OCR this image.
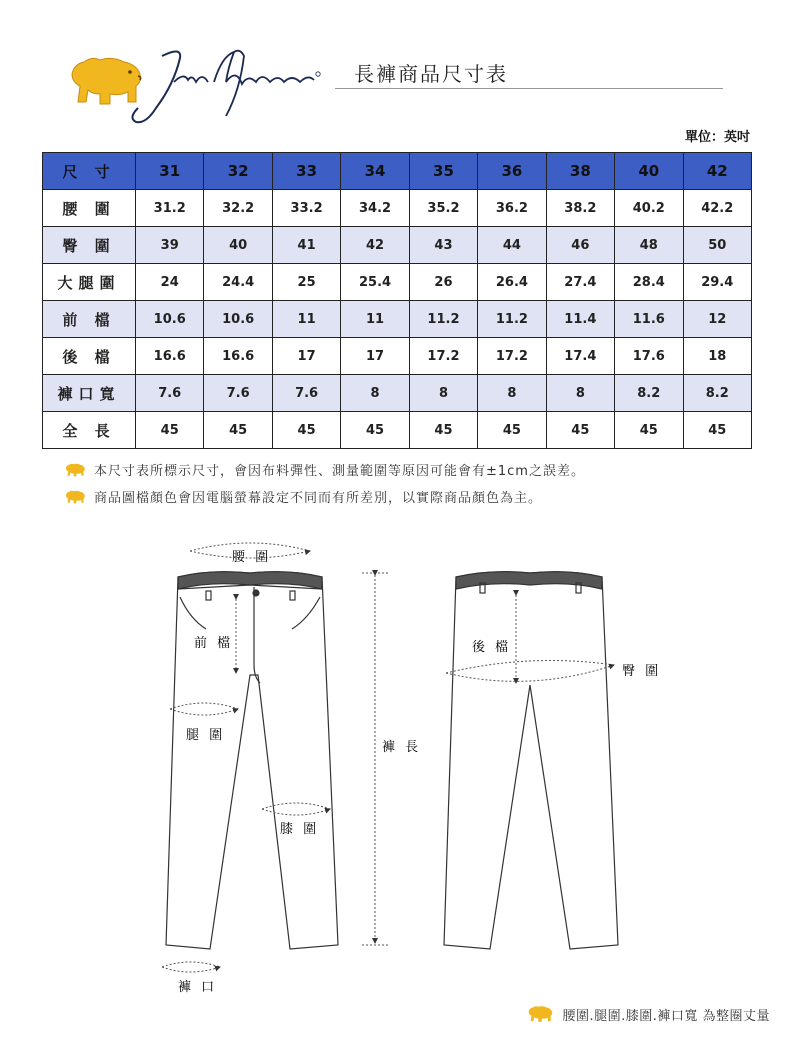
長褲商品尺寸表
單位：英吋
尺 寸	31	32	33	34	35	36	38	40	42
腰 圍	31.2	32.2	33.2	34.2	35.2	36.2	38.2	40.2	42.2
臀 圍	39	40	41	42	43	44	46	48	50
大腿圍	24	24.4	25	25.4	26	26.4	27.4	28.4	29.4
前 檔	10.6	10.6	11	11	11.2	11.2	11.4	11.6	12
後 檔	16.6	16.6	17	17	17.2	17.2	17.4	17.6	18
褲口寬	7.6	7.6	7.6	8	8	8	8	8.2	8.2
全 長	45	45	45	45	45	45	45	45	45
本尺寸表所標示尺寸，會因布料彈性、測量範圍等原因可能會有±1cm之誤差。
商品圖檔顏色會因電腦螢幕設定不同而有所差別，以實際商品顏色為主。
腰 圍
前 檔
腿 圍
膝 圍
褲 口
褲 長
後 檔
臀 圍
腰圍.腿圍.膝圍.褲口寬 為整圈丈量
